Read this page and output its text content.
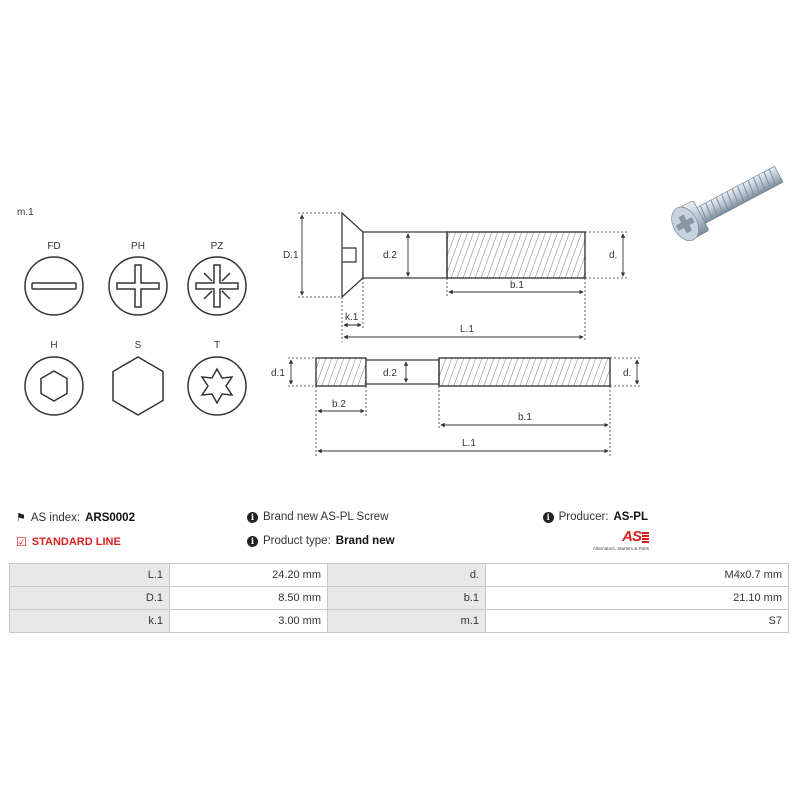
m.1
FD	PH	PZ
H	S	T
D.1	d.2	d.
b.1
k.1
L.1
d.1	d.2	d.
b.2
b.1
L.1
⚑ AS index: ARS0002
☑ STANDARD LINE
i Brand new AS-PL Screw
i Product type: Brand new
i Producer: AS-PL
AS
Alternators, Starters & Parts
L.1	24.20 mm	d.	M4x0.7 mm
D.1	8.50 mm	b.1	21.10 mm
k.1	3.00 mm	m.1	S7
